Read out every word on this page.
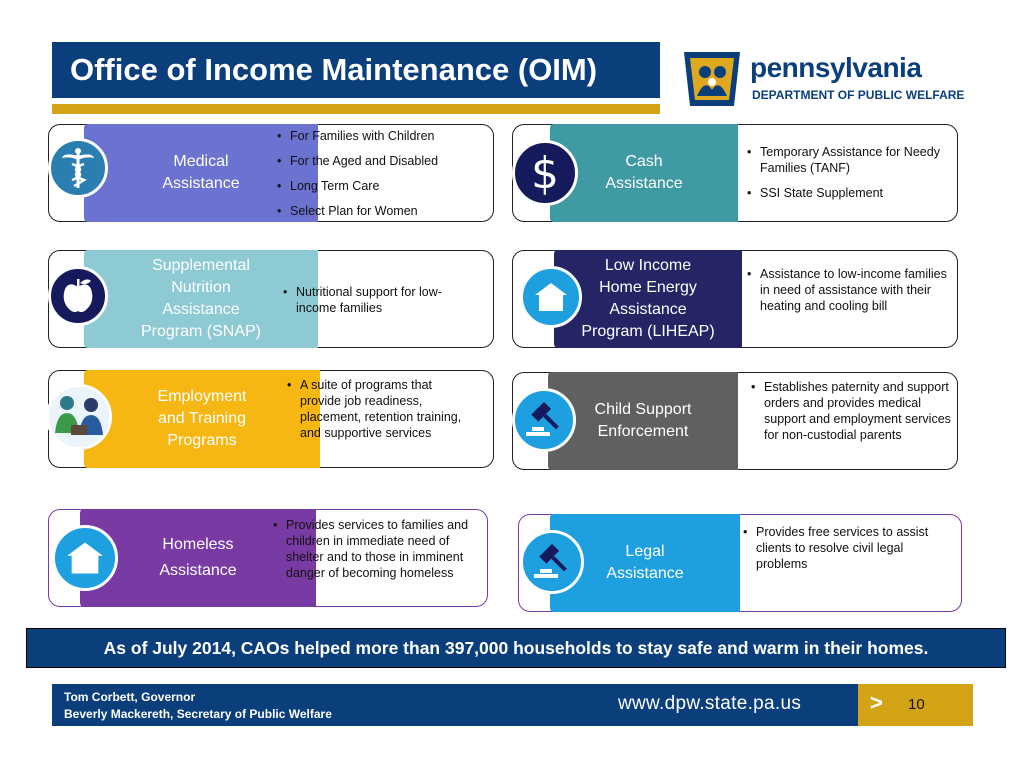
Office of Income Maintenance (OIM)	pennsylvania
DEPARTMENT OF PUBLIC WELFARE
Medical
Assistance
• For Families with Children
• For the Aged and Disabled
• Long Term Care
• Select Plan for Women
Cash
Assistance
$	• Temporary Assistance for Needy Families (TANF)
• SSI State Supplement
Supplemental
Nutrition
Assistance
Program (SNAP)
• Nutritional support for low-income families
Low Income
Home Energy
Assistance
Program (LIHEAP)
• Assistance to low-income families in need of assistance with their heating and cooling bill
Employment
and Training
Programs
• A suite of programs that provide job readiness, placement, retention training, and supportive services
Child Support
Enforcement
• Establishes paternity and support orders and provides medical support and employment services for non-custodial parents
Homeless
Assistance
• Provides services to families and children in immediate need of shelter and to those in imminent danger of becoming homeless
Legal
Assistance
• Provides free services to assist clients to resolve civil legal problems

As of July 2014, CAOs helped more than 397,000 households to stay safe and warm in their homes.

Tom Corbett, Governor
Beverly Mackereth, Secretary of Public Welfare	www.dpw.state.pa.us	> 10
